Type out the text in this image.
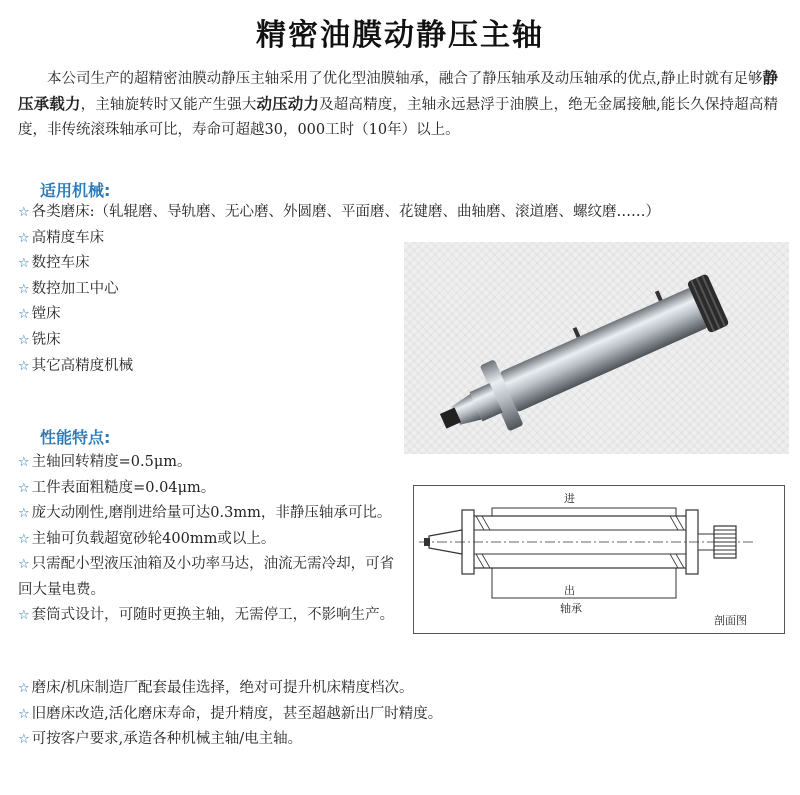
精密油膜动静压主轴

本公司生产的超精密油膜动静压主轴采用了优化型油膜轴承，融合了静压轴承及动压轴承的优点,静止时就有足够静压承载力，主轴旋转时又能产生强大动压动力及超高精度，主轴永远悬浮于油膜上，绝无金属接触,能长久保持超高精度，非传统滚珠轴承可比，寿命可超越30，000工时（10年）以上。

适用机械:
☆ 各类磨床:（轧辊磨、导轨磨、无心磨、外圆磨、平面磨、花键磨、曲轴磨、滚道磨、螺纹磨……）
☆ 高精度车床
☆ 数控车床
☆ 数控加工中心
☆ 镗床
☆ 铣床
☆ 其它高精度机械
性能特点:
☆ 主轴回转精度=0.5μm。
☆ 工件表面粗糙度=0.04μm。
☆ 庞大动刚性,磨削进给量可达0.3mm，非静压轴承可比。
☆ 主轴可负载超宽砂轮400mm或以上。
☆ 只需配小型液压油箱及小功率马达，油流无需冷却，可省回大量电费。
☆ 套筒式设计，可随时更换主轴，无需停工，不影响生产。
☆ 磨床/机床制造厂配套最佳选择，绝对可提升机床精度档次。
☆ 旧磨床改造,活化磨床寿命，提升精度，甚至超越新出厂时精度。
☆ 可按客户要求,承造各种机械主轴/电主轴。
进
出
轴承
剖面图
